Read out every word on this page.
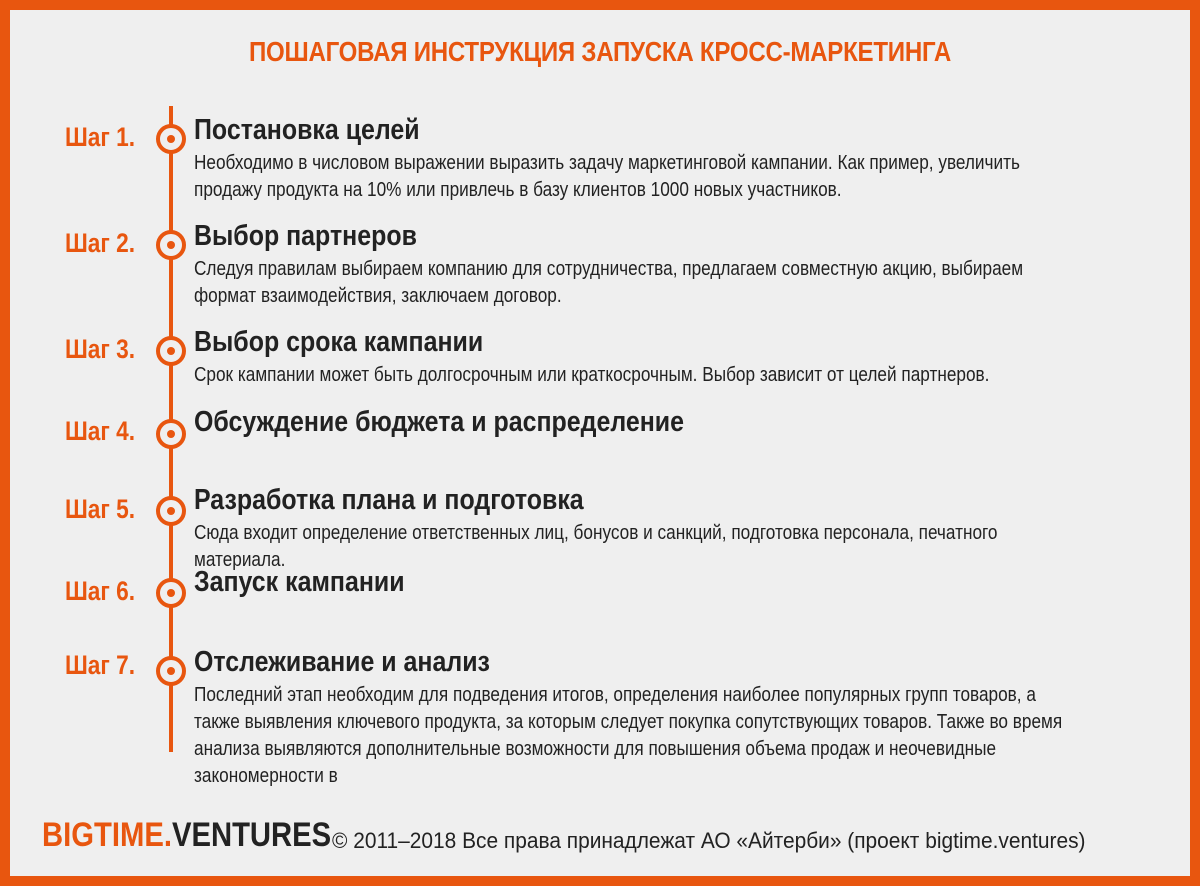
ПОШАГОВАЯ ИНСТРУКЦИЯ ЗАПУСКА КРОСС-МАРКЕТИНГА
Шаг 1. Постановка целей
Необходимо в числовом выражении выразить задачу маркетинговой кампании. Как пример, увеличить продажу продукта на 10% или привлечь в базу клиентов 1000 новых участников.
Шаг 2. Выбор партнеров
Следуя правилам выбираем компанию для сотрудничества, предлагаем совместную акцию, выбираем формат взаимодействия, заключаем договор.
Шаг 3. Выбор срока кампании
Срок кампании может быть долгосрочным или краткосрочным. Выбор зависит от целей партнеров.
Шаг 4. Обсуждение бюджета и распределение
Шаг 5. Разработка плана и подготовка
Сюда входит определение ответственных лиц, бонусов и санкций, подготовка персонала, печатного материала.
Шаг 6. Запуск кампании
Шаг 7. Отслеживание и анализ
Последний этап необходим для подведения итогов, определения наиболее популярных групп товаров, а также выявления ключевого продукта, за которым следует покупка сопутствующих товаров. Также во время анализа выявляются дополнительные возможности для повышения объема продаж и неочевидные закономерности в
BIGTIME.VENTURES © 2011–2018 Все права принадлежат АО «Айтерби» (проект bigtime.ventures)
